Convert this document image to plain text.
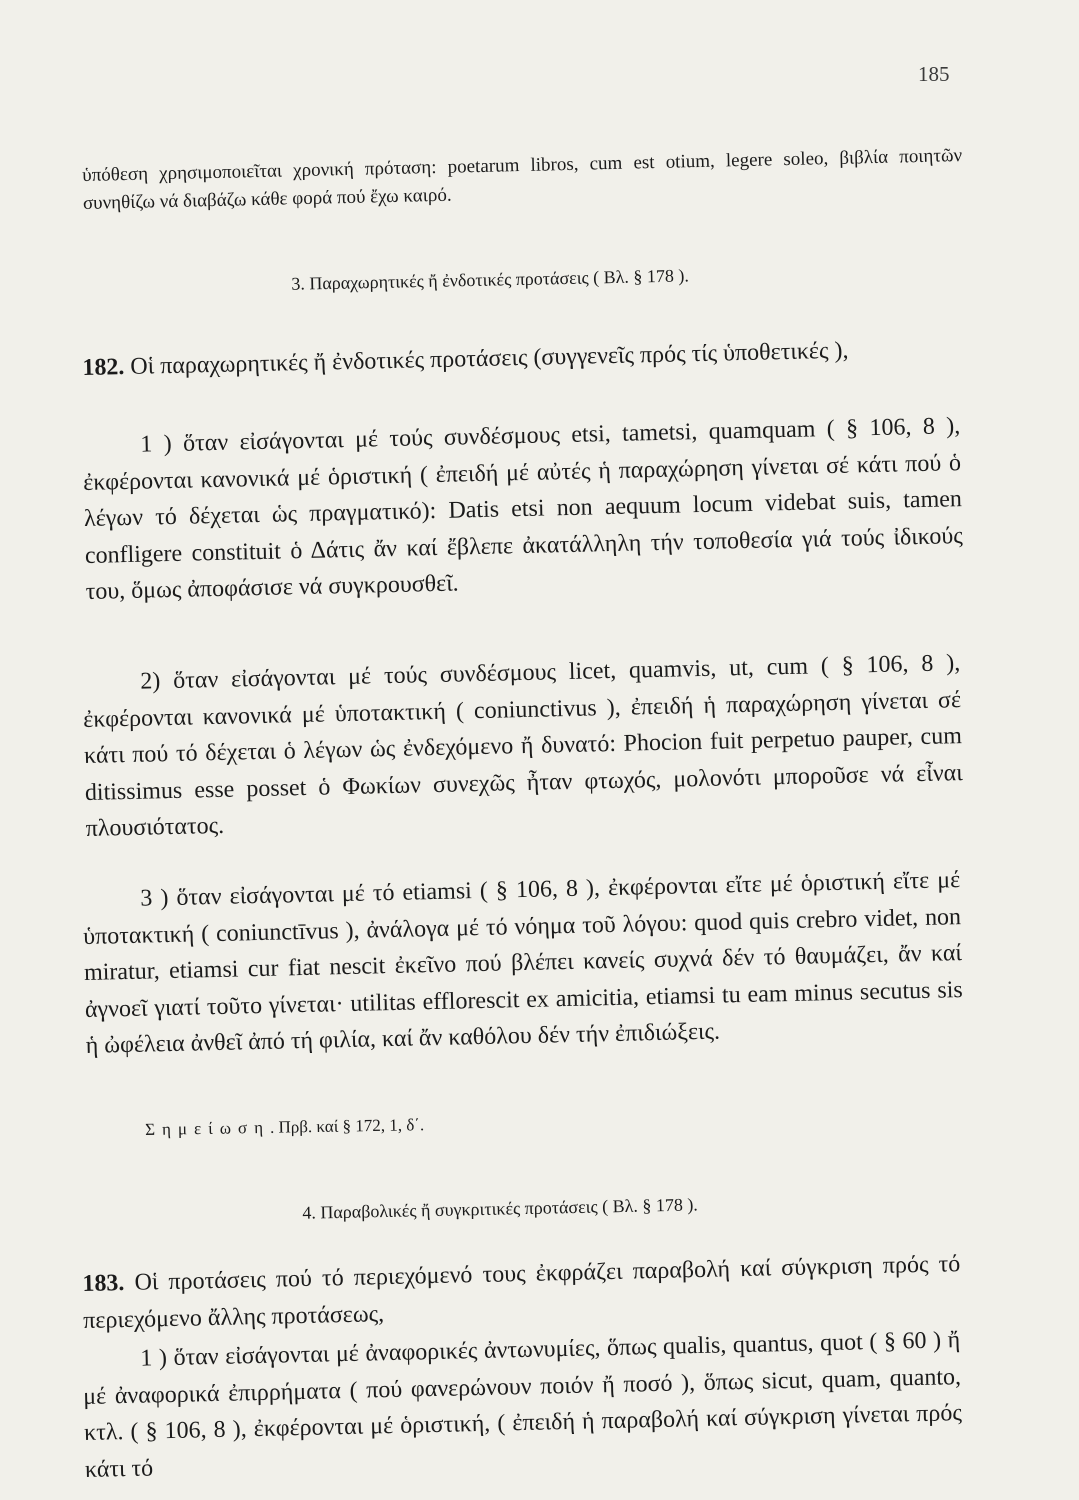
185

ὑπόθεση χρησιμοποιεῖται χρονική πρόταση: poetarum libros, cum est otium, legere soleo, βιβλία ποιητῶν συνηθίζω νά διαβάζω κάθε φορά πού ἔχω καιρό.

3. Παραχωρητικές ἤ ἐνδοτικές προτάσεις ( Βλ. § 178 ).

182. Οἱ παραχωρητικές ἤ ἐνδοτικές προτάσεις (συγγενεῖς πρός τίς ὑποθετικές ),

1 ) ὅταν εἰσάγονται μέ τούς συνδέσμους etsi, tametsi, quamquam ( § 106, 8 ), ἐκφέρονται κανονικά μέ ὁριστική ( ἐπειδή μέ αὐτές ἡ παραχώρηση γίνεται σέ κάτι πού ὁ λέγων τό δέχεται ὡς πραγματικό): Datis etsi non aequum locum videbat suis, tamen confligere constituit ὁ Δάτις ἄν καί ἔβλεπε ἀκατάλληλη τήν τοποθεσία γιά τούς ἰδικούς του, ὅμως ἀποφάσισε νά συγκρουσθεῖ.

2) ὅταν εἰσάγονται μέ τούς συνδέσμους licet, quamvis, ut, cum ( § 106, 8 ), ἐκφέρονται κανονικά μέ ὑποτακτική ( coniunctivus ), ἐπειδή ἡ παραχώρηση γίνεται σέ κάτι πού τό δέχεται ὁ λέγων ὡς ἐνδεχόμενο ἤ δυνατό: Phocion fuit perpetuo pauper, cum ditissimus esse posset ὁ Φωκίων συνεχῶς ἦταν φτωχός, μολονότι μποροῦσε νά εἶναι πλουσιότατος.

3 ) ὅταν εἰσάγονται μέ τό etiamsi ( § 106, 8 ), ἐκφέρονται εἴτε μέ ὁριστική εἴτε μέ ὑποτακτική ( coniunctīvus ), ἀνάλογα μέ τό νόημα τοῦ λόγου: quod quis crebro videt, non miratur, etiamsi cur fiat nescit ἐκεῖνο πού βλέπει κανείς συχνά δέν τό θαυμάζει, ἄν καί ἀγνοεῖ γιατί τοῦτο γίνεται· utilitas efflorescit ex amicitia, etiamsi tu eam minus secutus sis ἡ ὠφέλεια ἀνθεῖ ἀπό τή φιλία, καί ἄν καθόλου δέν τήν ἐπιδιώξεις.

Σημείωση. Πρβ. καί § 172, 1, δ΄.

4. Παραβολικές ἤ συγκριτικές προτάσεις ( Βλ. § 178 ).

183. Οἱ προτάσεις πού τό περιεχόμενό τους ἐκφράζει παραβολή καί σύγκριση πρός τό περιεχόμενο ἄλλης προτάσεως,

1 ) ὅταν εἰσάγονται μέ ἀναφορικές ἀντωνυμίες, ὅπως qualis, quantus, quot ( § 60 ) ἤ μέ ἀναφορικά ἐπιρρήματα ( πού φανερώνουν ποιόν ἤ ποσό ), ὅπως sicut, quam, quanto, κτλ. ( § 106, 8 ), ἐκφέρονται μέ ὁριστική, ( ἐπειδή ἡ παραβολή καί σύγκριση γίνεται πρός κάτι τό
